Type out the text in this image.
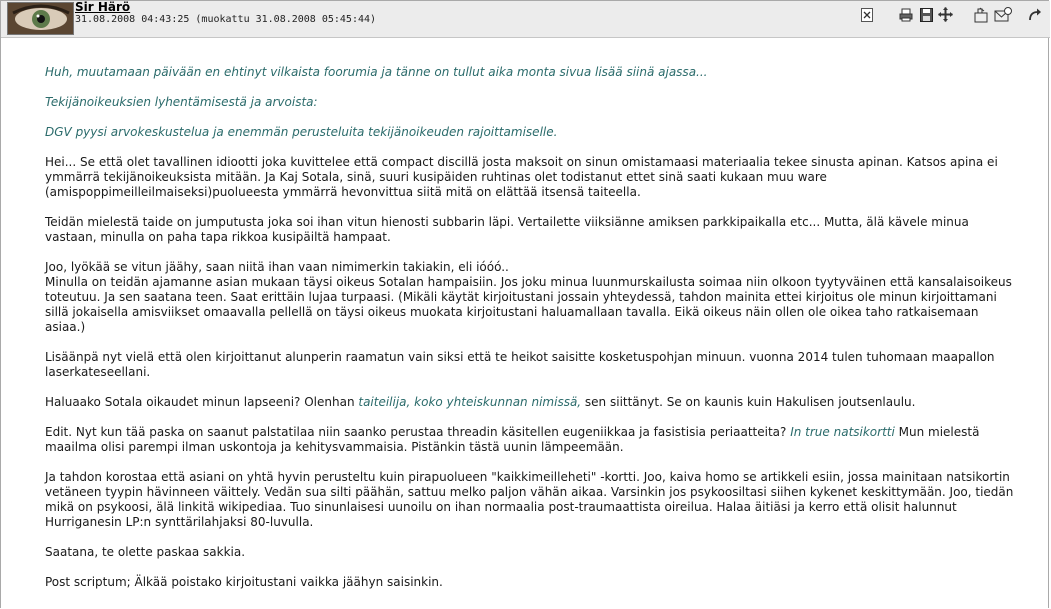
Sir Härö
31.08.2008 04:43:25 (muokattu 31.08.2008 05:45:44)

Huh, muutamaan päivään en ehtinyt vilkaista foorumia ja tänne on tullut aika monta sivua lisää siinä ajassa...

Tekijänoikeuksien lyhentämisestä ja arvoista:

DGV pyysi arvokeskustelua ja enemmän perusteluita tekijänoikeuden rajoittamiselle.

Hei... Se että olet tavallinen idiootti joka kuvittelee että compact discillä josta maksoit on sinun omistamaasi materiaalia tekee sinusta apinan. Katsos apina ei ymmärrä tekijänoikeuksista mitään. Ja Kaj Sotala, sinä, suuri kusipäiden ruhtinas olet todistanut ettet sinä saati kukaan muu ware (amispoppimeilleilmaiseksi)puolueesta ymmärrä hevonvittua siitä mitä on elättää itsensä taiteella.

Teidän mielestä taide on jumputusta joka soi ihan vitun hienosti subbarin läpi. Vertailette viiksiänne amiksen parkkipaikalla etc... Mutta, älä kävele minua vastaan, minulla on paha tapa rikkoa kusipäiltä hampaat.

Joo, lyökää se vitun jäähy, saan niitä ihan vaan nimimerkin takiakin, eli ióóó..
Minulla on teidän ajamanne asian mukaan täysi oikeus Sotalan hampaisiin. Jos joku minua luunmurskailusta soimaa niin olkoon tyytyväinen että kansalaisoikeus toteutuu. Ja sen saatana teen. Saat erittäin lujaa turpaasi. (Mikäli käytät kirjoitustani jossain yhteydessä, tahdon mainita ettei kirjoitus ole minun kirjoittamani sillä jokaisella amisviikset omaavalla pellellä on täysi oikeus muokata kirjoitustani haluamallaan tavalla. Eikä oikeus näin ollen ole oikea taho ratkaisemaan asiaa.)

Lisäänpä nyt vielä että olen kirjoittanut alunperin raamatun vain siksi että te heikot saisitte kosketuspohjan minuun. vuonna 2014 tulen tuhomaan maapallon
laserkateseellani.

Haluaako Sotala oikaudet minun lapseeni? Olenhan taiteilija, koko yhteiskunnan nimissä, sen siittänyt. Se on kaunis kuin Hakulisen joutsenlaulu.

Edit. Nyt kun tää paska on saanut palstatilaa niin saanko perustaa threadin käsitellen eugeniikkaa ja fasistisia periaatteita? In true natsikortti Mun mielestä maailma olisi parempi ilman uskontoja ja kehitysvammaisia. Pistänkin tästä uunin lämpeemään.

Ja tahdon korostaa että asiani on yhtä hyvin perusteltu kuin pirapuolueen "kaikkimeilleheti" -kortti. Joo, kaiva homo se artikkeli esiin, jossa mainitaan natsikortin vetäneen tyypin hävinneen väittely. Vedän sua silti päähän, sattuu melko paljon vähän aikaa. Varsinkin jos psykoosiltasi siihen kykenet keskittymään. Joo, tiedän mikä on psykoosi, älä linkitä wikipediaa. Tuo sinunlaisesi uunoilu on ihan normaalia post-traumaattista oireilua. Halaa äitiäsi ja kerro että olisit halunnut Hurriganesin LP:n synttärilahjaksi 80-luvulla.

Saatana, te olette paskaa sakkia.

Post scriptum; Älkää poistako kirjoitustani vaikka jäähyn saisinkin.
